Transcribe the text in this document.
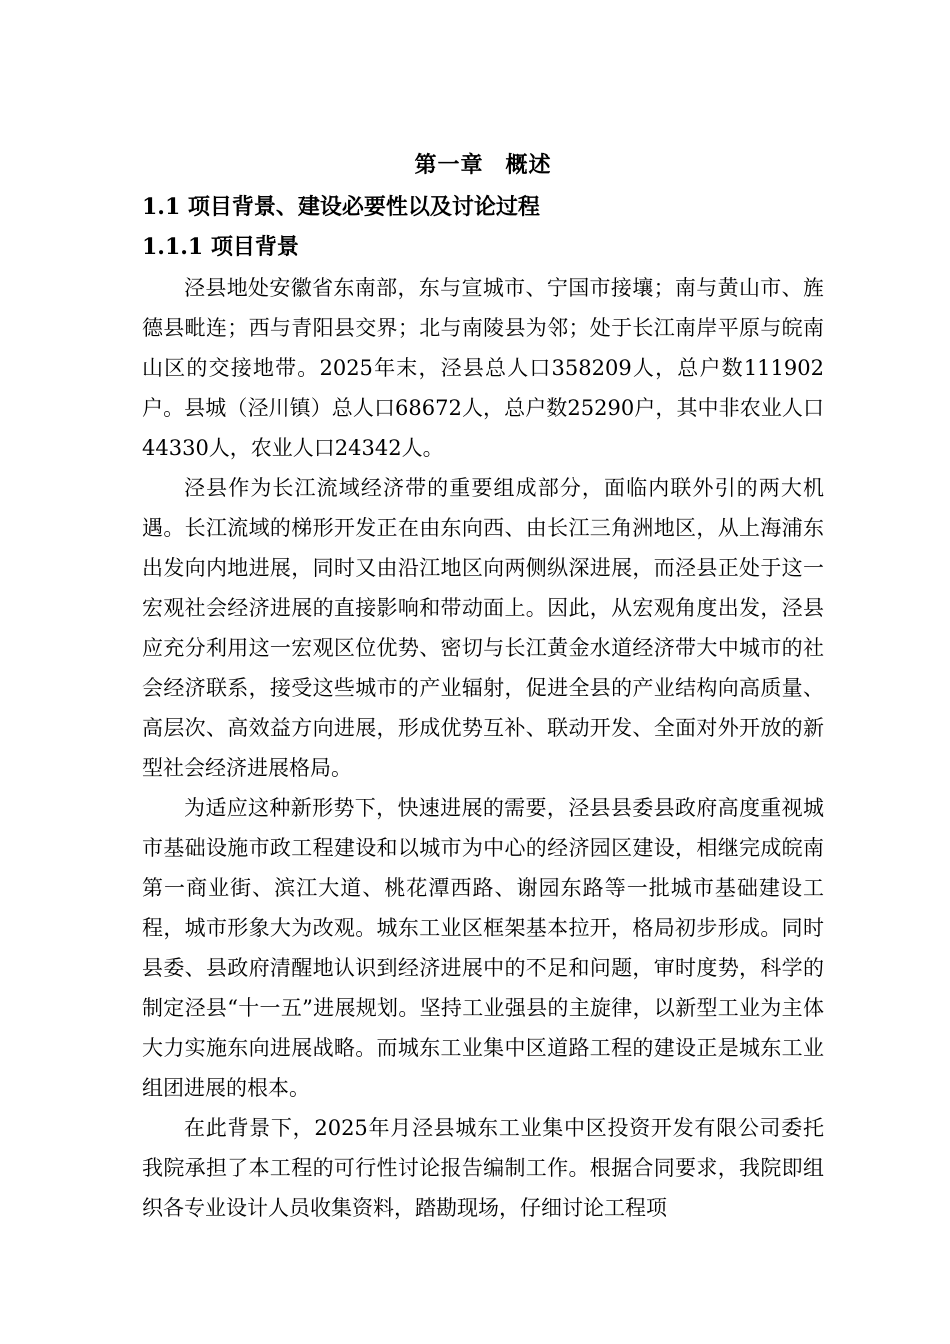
第一章 概述
1.1 项目背景、建设必要性以及讨论过程
1.1.1 项目背景

泾县地处安徽省东南部，东与宣城市、宁国市接壤；南与黄山市、旌德县毗连；西与青阳县交界；北与南陵县为邻；处于长江南岸平原与皖南山区的交接地带。2025年末，泾县总人口358209人，总户数111902户。县城（泾川镇）总人口68672人，总户数25290户，其中非农业人口44330人，农业人口24342人。

泾县作为长江流域经济带的重要组成部分，面临内联外引的两大机遇。长江流域的梯形开发正在由东向西、由长江三角洲地区，从上海浦东出发向内地进展，同时又由沿江地区向两侧纵深进展，而泾县正处于这一宏观社会经济进展的直接影响和带动面上。因此，从宏观角度出发，泾县应充分利用这一宏观区位优势、密切与长江黄金水道经济带大中城市的社会经济联系，接受这些城市的产业辐射，促进全县的产业结构向高质量、高层次、高效益方向进展，形成优势互补、联动开发、全面对外开放的新型社会经济进展格局。

为适应这种新形势下，快速进展的需要，泾县县委县政府高度重视城市基础设施市政工程建设和以城市为中心的经济园区建设，相继完成皖南第一商业街、滨江大道、桃花潭西路、谢园东路等一批城市基础建设工程，城市形象大为改观。城东工业区框架基本拉开，格局初步形成。同时县委、县政府清醒地认识到经济进展中的不足和问题，审时度势，科学的制定泾县“十一五”进展规划。坚持工业强县的主旋律，以新型工业为主体大力实施东向进展战略。而城东工业集中区道路工程的建设正是城东工业组团进展的根本。

在此背景下，2025年月泾县城东工业集中区投资开发有限公司委托我院承担了本工程的可行性讨论报告编制工作。根据合同要求，我院即组织各专业设计人员收集资料，踏勘现场，仔细讨论工程项
